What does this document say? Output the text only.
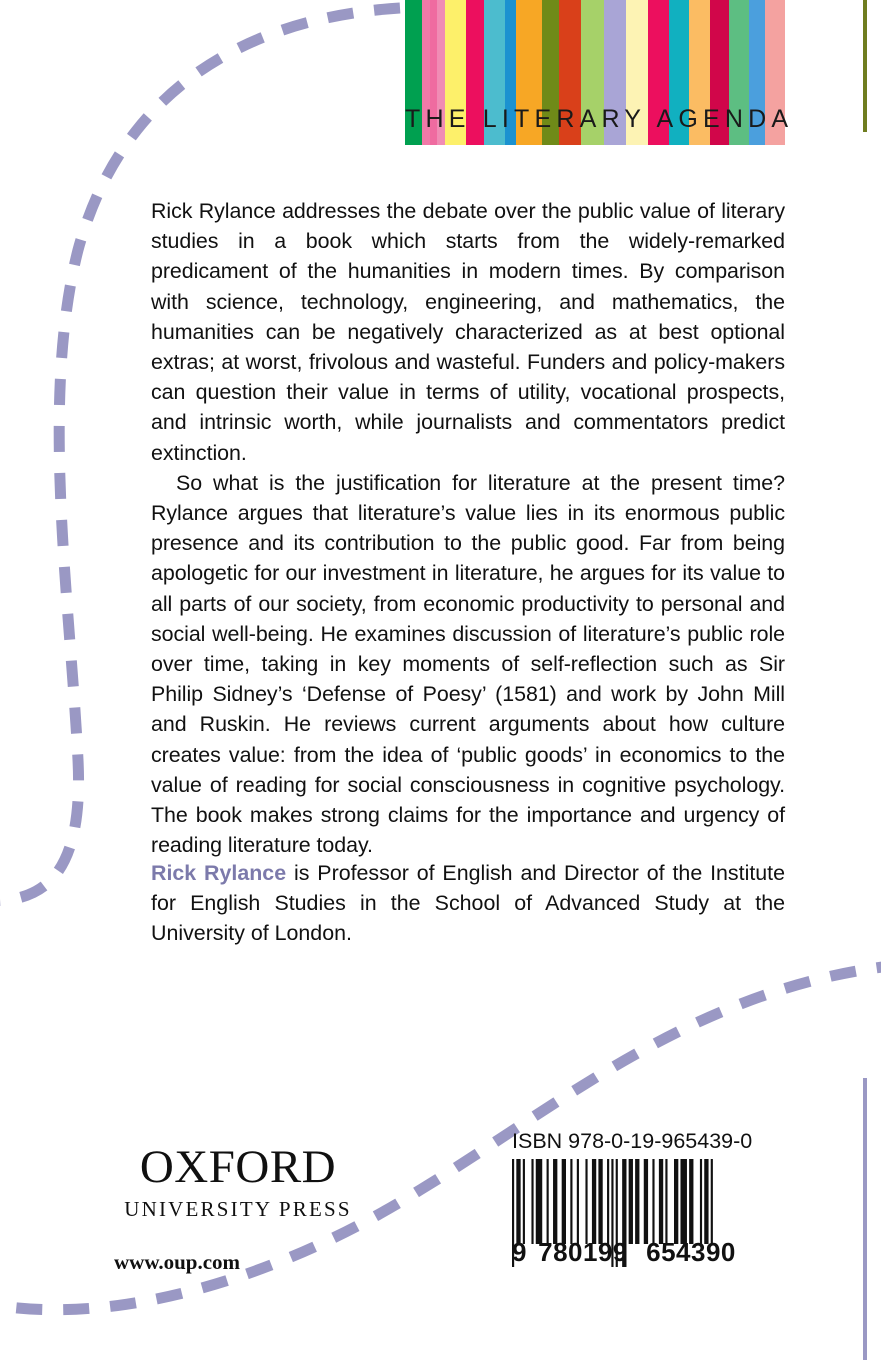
THE LITERARY AGENDA

Rick Rylance addresses the debate over the public value of literary studies in a book which starts from the widely-remarked predicament of the humanities in modern times. By comparison with science, technology, engineering, and mathematics, the humanities can be negatively characterized as at best optional extras; at worst, frivolous and wasteful. Funders and policy-makers can question their value in terms of utility, vocational prospects, and intrinsic worth, while journalists and commentators predict extinction.

So what is the justification for literature at the present time? Rylance argues that literature’s value lies in its enormous public presence and its contribution to the public good. Far from being apologetic for our investment in literature, he argues for its value to all parts of our society, from economic productivity to personal and social well-being. He examines discussion of literature’s public role over time, taking in key moments of self-reflection such as Sir Philip Sidney’s ‘Defense of Poesy’ (1581) and work by John Mill and Ruskin. He reviews current arguments about how culture creates value: from the idea of ‘public goods’ in economics to the value of reading for social consciousness in cognitive psychology. The book makes strong claims for the importance and urgency of reading literature today.

Rick Rylance is Professor of English and Director of the Institute for English Studies in the School of Advanced Study at the University of London.
OXFORD
UNIVERSITY PRESS
www.oup.com
ISBN 978-0-19-965439-0
9 780199 654390
